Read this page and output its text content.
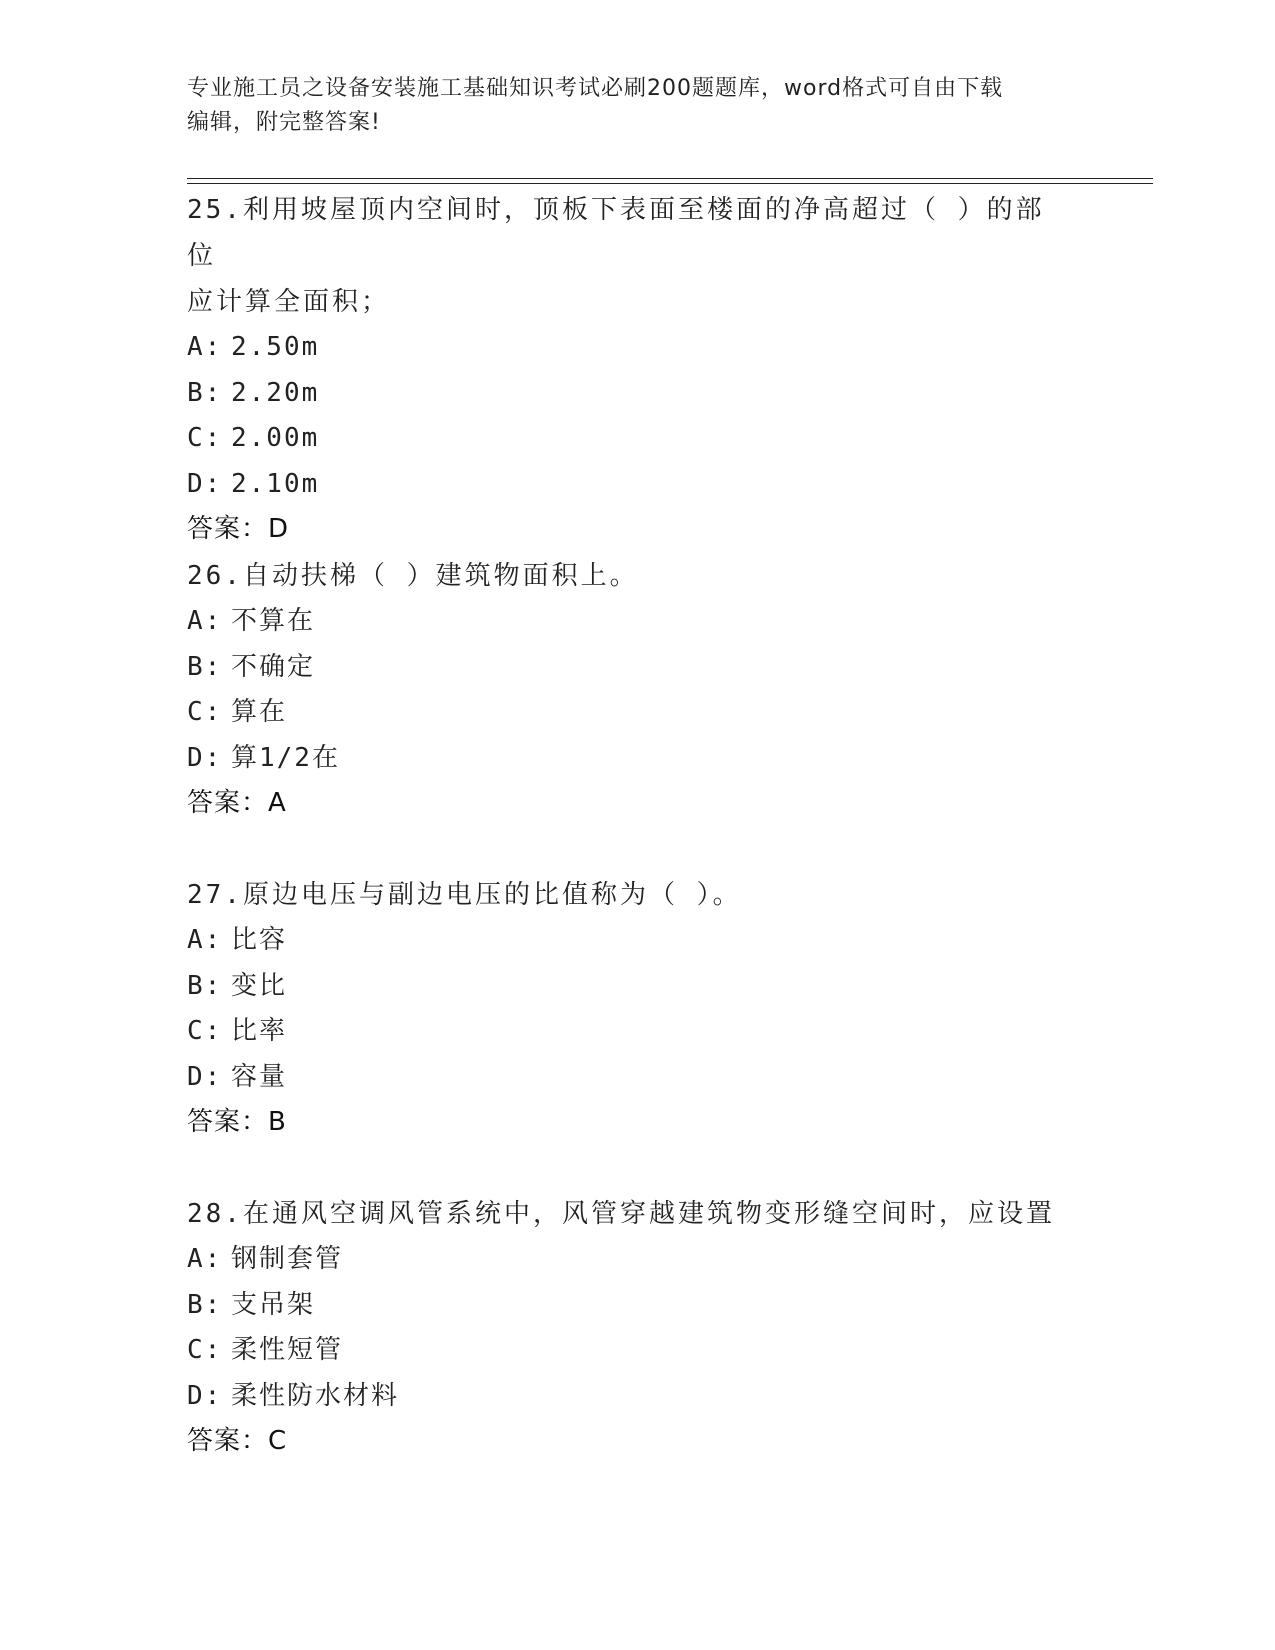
专业施工员之设备安装施工基础知识考试必刷200题题库，word格式可自由下载
编辑，附完整答案!

25.利用坡屋顶内空间时，顶板下表面至楼面的净高超过（ ）的部位

应计算全面积；

A: 2.50m

B: 2.20m

C: 2.00m

D: 2.10m

答案：D

26.自动扶梯（ ）建筑物面积上。

A: 不算在

B: 不确定

C: 算在

D: 算1/2在

答案：A

27.原边电压与副边电压的比值称为（ ）。

A: 比容

B: 变比

C: 比率

D: 容量

答案：B

28.在通风空调风管系统中，风管穿越建筑物变形缝空间时，应设置

A: 钢制套管

B: 支吊架

C: 柔性短管

D: 柔性防水材料

答案：C
